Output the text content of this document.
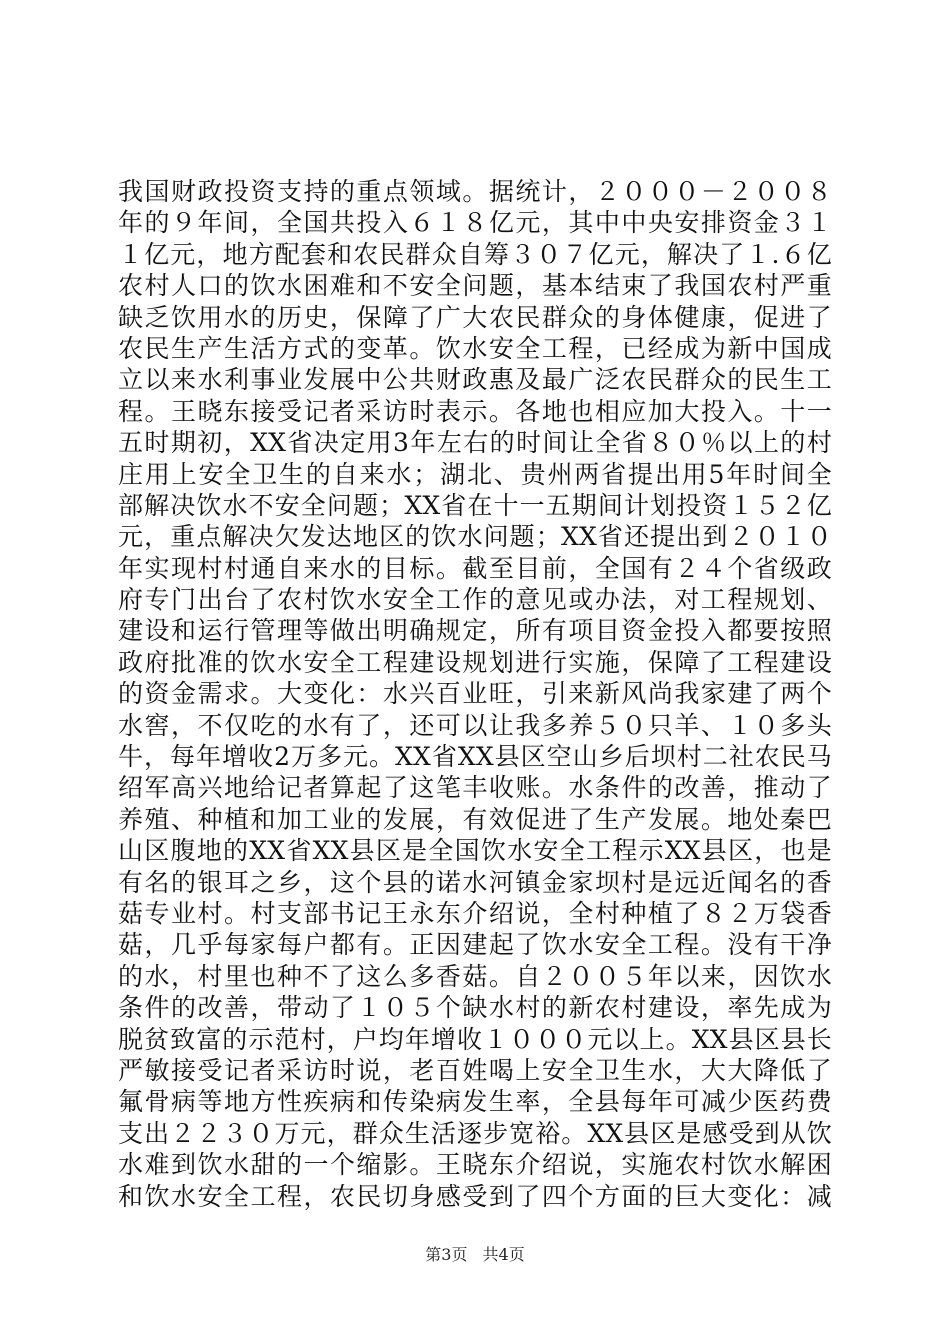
我国财政投资支持的重点领域。据统计，２０００－２００８
年的９年间，全国共投入６１８亿元，其中中央安排资金３１
１亿元，地方配套和农民群众自筹３０７亿元，解决了１.６亿
农村人口的饮水困难和不安全问题，基本结束了我国农村严重
缺乏饮用水的历史，保障了广大农民群众的身体健康，促进了
农民生产生活方式的变革。饮水安全工程，已经成为新中国成
立以来水利事业发展中公共财政惠及最广泛农民群众的民生工
程。王晓东接受记者采访时表示。各地也相应加大投入。十一
五时期初，XX省决定用3年左右的时间让全省８０％以上的村
庄用上安全卫生的自来水；湖北、贵州两省提出用5年时间全
部解决饮水不安全问题；XX省在十一五期间计划投资１５２亿
元，重点解决欠发达地区的饮水问题；XX省还提出到２０１０
年实现村村通自来水的目标。截至目前，全国有２４个省级政
府专门出台了农村饮水安全工作的意见或办法，对工程规划、
建设和运行管理等做出明确规定，所有项目资金投入都要按照
政府批准的饮水安全工程建设规划进行实施，保障了工程建设
的资金需求。大变化：水兴百业旺，引来新风尚我家建了两个
水窖，不仅吃的水有了，还可以让我多养５０只羊、１０多头
牛，每年增收2万多元。XX省XX县区空山乡后坝村二社农民马
绍军高兴地给记者算起了这笔丰收账。水条件的改善，推动了
养殖、种植和加工业的发展，有效促进了生产发展。地处秦巴
山区腹地的XX省XX县区是全国饮水安全工程示XX县区，也是
有名的银耳之乡，这个县的诺水河镇金家坝村是远近闻名的香
菇专业村。村支部书记王永东介绍说，全村种植了８２万袋香
菇，几乎每家每户都有。正因建起了饮水安全工程。没有干净
的水，村里也种不了这么多香菇。自２００５年以来，因饮水
条件的改善，带动了１０５个缺水村的新农村建设，率先成为
脱贫致富的示范村，户均年增收１０００元以上。XX县区县长
严敏接受记者采访时说，老百姓喝上安全卫生水，大大降低了
氟骨病等地方性疾病和传染病发生率，全县每年可减少医药费
支出２２３０万元，群众生活逐步宽裕。XX县区是感受到从饮
水难到饮水甜的一个缩影。王晓东介绍说，实施农村饮水解困
和饮水安全工程，农民切身感受到了四个方面的巨大变化：减
第3页 共4页
